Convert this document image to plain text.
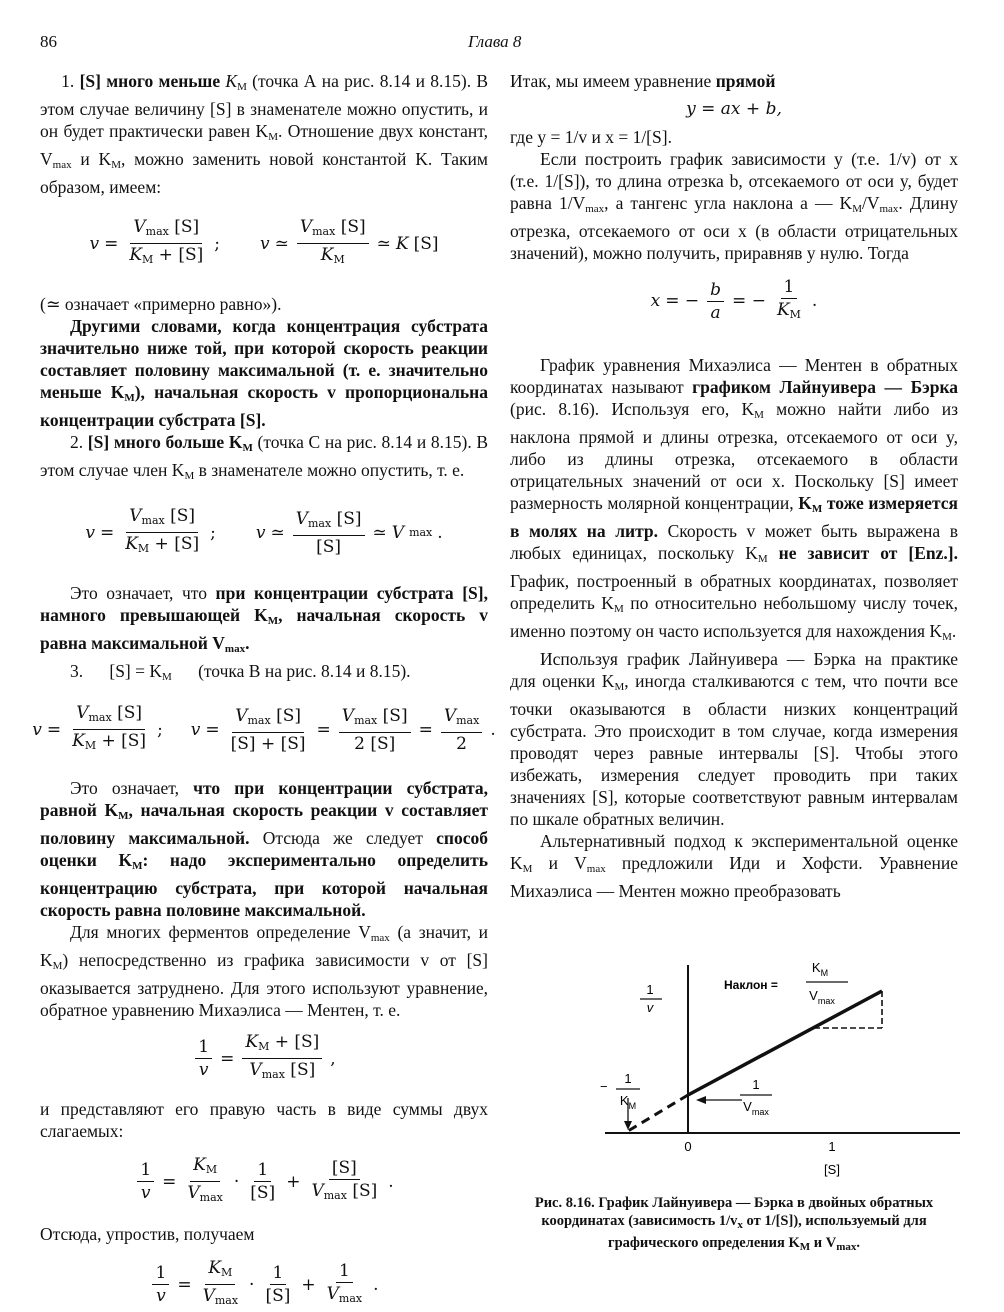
86	Глава 8

1. [S] много меньше $K_M$ (точка А на рис. 8.14 и 8.15). В этом случае величину [S] в знаменателе можно опустить, и он будет практически равен $K_M$. Отношение двух констант, $V_{max}$ и $K_M$, можно заменить новой константой K. Таким образом, имеем:

$v = \frac{V_{max} [S]}{K_M + [S]}$ ; v ≃ $\frac{V_{max} [S]}{K_M}$ ≃ K [S]

(≃ означает «примерно равно»).

Другими словами, когда концентрация субстрата значительно ниже той, при которой скорость реакции составляет половину максимальной (т. е. значительно меньше $K_M$), начальная скорость v пропорциональна концентрации субстрата [S].

2. [S] много больше $K_M$ (точка С на рис. 8.14 и 8.15). В этом случае член $K_M$ в знаменателе можно опустить, т. е.

$v = \frac{V_{max} [S]}{K_M + [S]}$ ; v ≃ $\frac{V_{max} [S]}{[S]}$ ≃ V max .

Это означает, что при концентрации субстрата [S], намного превышающей $K_M$, начальная скорость v равна максимальной $V_{max}$.

3.      $[S] = K_M$ (точка В на рис. 8.14 и 8.15).

$v = \frac{V_{max} [S]}{K_M + [S]}$ ; $v = \frac{V_{max} [S]}{[S] + [S]} = \frac{V_{max} [S]}{2 [S]} = \frac{V_{max}}{2}$ .

Это означает, что при концентрации субстрата, равной $K_M$, начальная скорость реакции v составляет половину максимальной. Отсюда же следует способ оценки $K_M$: надо экспериментально определить концентрацию субстрата, при которой начальная скорость равна половине максимальной.

Для многих ферментов определение $V_{max}$ (а значит, и $K_M$) непосредственно из графика зависимости v от [S] оказывается затруднено. Для этого используют уравнение, обратное уравнению Михаэлиса — Ментен, т. е.

$\frac{1}{v} = \frac{K_M + [S]}{V_{max} [S]}$ ,

и представляют его правую часть в виде суммы двух слагаемых:

$\frac{1}{v} = \frac{K_M}{V_{max}} \cdot \frac{1}{[S]} + \frac{[S]}{V_{max} [S]}$ .

Отсюда, упростив, получаем

$\frac{1}{v} = \frac{K_M}{V_{max}} \cdot \frac{1}{[S]} + \frac{1}{V_{max}}$ .

Итак, мы имеем уравнение прямой

y = ax + b,

где y = 1/v и x = 1/[S].

Если построить график зависимости y (т.е. 1/v) от x (т.е. 1/[S]), то длина отрезка b, отсекаемого от оси y, будет равна $1/V_{max}$, а тангенс угла наклона a — $K_M/V_{max}$. Длину отрезка, отсекаемого от оси x (в области отрицательных значений), можно получить, приравняв y нулю. Тогда

x = − $\frac{b}{a}$ = − $\frac{1}{K_M}$ .

График уравнения Михаэлиса — Ментен в обратных координатах называют графиком Лайнуивера — Бэрка (рис. 8.16). Используя его, $K_M$ можно найти либо из наклона прямой и длины отрезка, отсекаемого от оси y, либо из длины отрезка, отсекаемого в области отрицательных значений от оси x. Поскольку [S] имеет размерность молярной концентрации, $K_M$ тоже измеряется в молях на литр. Скорость v может быть выражена в любых единицах, поскольку $K_M$ не зависит от [Enz.]. График, построенный в обратных координатах, позволяет определить $K_M$ по относительно небольшому числу точек, именно поэтому он часто используется для нахождения $K_M$.

Используя график Лайнуивера — Бэрка на практике для оценки $K_M$, иногда сталкиваются с тем, что почти все точки оказываются в области низких концентраций субстрата. Это происходит в том случае, когда измерения проводят через равные интервалы [S]. Чтобы этого избежать, измерения следует проводить при таких значениях [S], которые соответствуют равным интервалам по шкале обратных величин.

Альтернативный подход к экспериментальной оценке $K_M$ и $V_{max}$ предложили Иди и Хофсти. Уравнение Михаэлиса — Ментен можно преобразовать

Наклон =
$K_M$
$V_{max}$
1
v
−
1
$K_M$
1
$V_{max}$
0	1
[S]
Рис. 8.16. График Лайнуивера — Бэрка в двойных обратных координатах (зависимость $1/v_x$ от 1/[S]), используемый для графического определения $K_M$ и $V_{max}$.
